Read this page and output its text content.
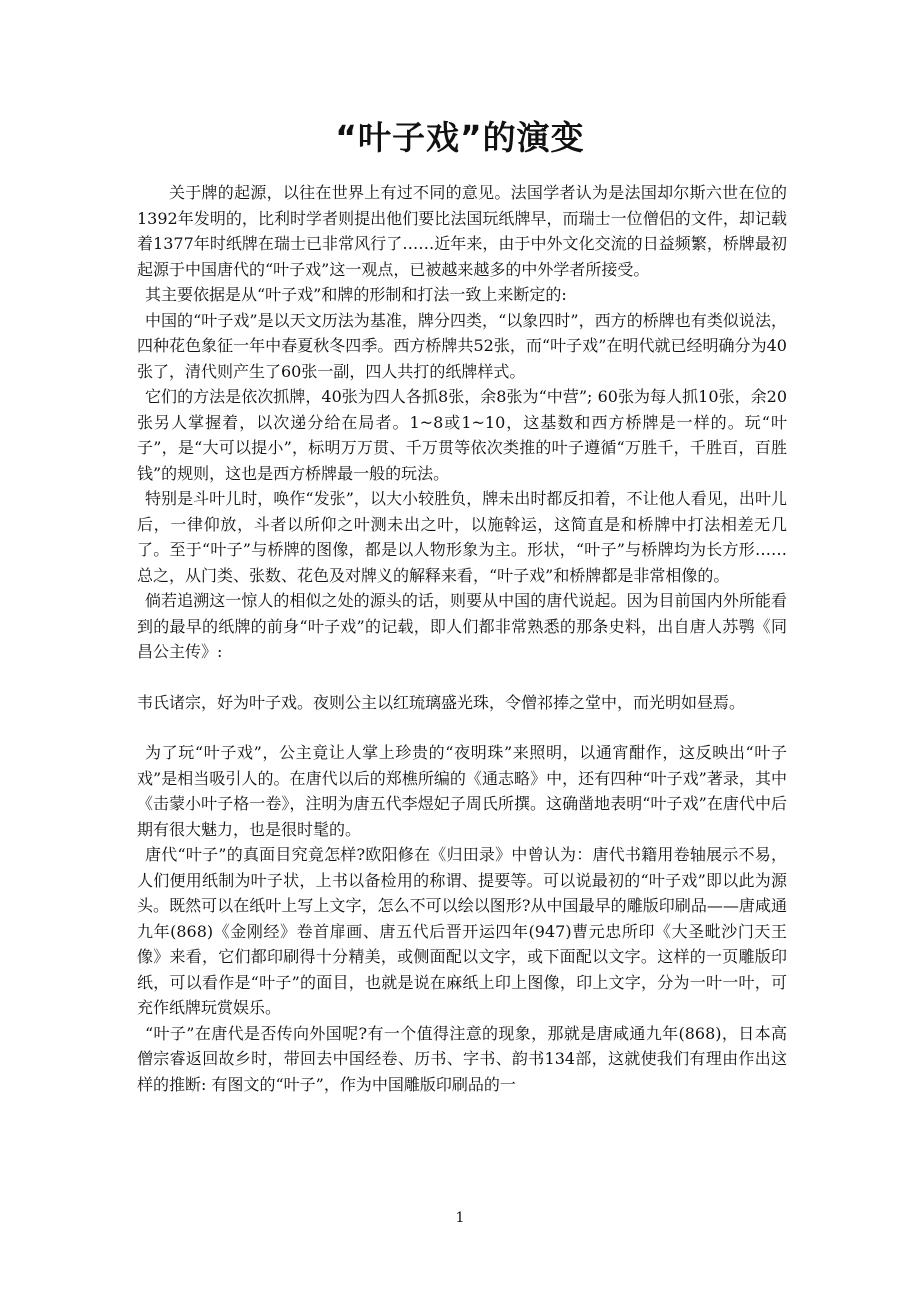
“叶子戏”的演变

关于牌的起源，以往在世界上有过不同的意见。法国学者认为是法国却尔斯六世在位的1392年发明的，比利时学者则提出他们要比法国玩纸牌早，而瑞士一位僧侣的文件，却记载着1377年时纸牌在瑞士已非常风行了……近年来，由于中外文化交流的日益频繁，桥牌最初起源于中国唐代的“叶子戏”这一观点，已被越来越多的中外学者所接受。

其主要依据是从“叶子戏”和牌的形制和打法一致上来断定的:

中国的“叶子戏”是以天文历法为基准，牌分四类，“以象四时”，西方的桥牌也有类似说法，四种花色象征一年中春夏秋冬四季。西方桥牌共52张，而“叶子戏”在明代就已经明确分为40张了，清代则产生了60张一副，四人共打的纸牌样式。

它们的方法是依次抓牌，40张为四人各抓8张，余8张为“中营”; 60张为每人抓10张，余20张另人掌握着，以次递分给在局者。1~8或1~10，这基数和西方桥牌是一样的。玩“叶子”，是“大可以提小”，标明万万贯、千万贯等依次类推的叶子遵循“万胜千，千胜百，百胜钱”的规则，这也是西方桥牌最一般的玩法。

特别是斗叶儿时，唤作“发张”，以大小较胜负，牌未出时都反扣着，不让他人看见，出叶儿后，一律仰放，斗者以所仰之叶测未出之叶，以施斡运，这简直是和桥牌中打法相差无几了。至于“叶子”与桥牌的图像，都是以人物形象为主。形状，“叶子”与桥牌均为长方形……总之，从门类、张数、花色及对牌义的解释来看，“叶子戏”和桥牌都是非常相像的。

倘若追溯这一惊人的相似之处的源头的话，则要从中国的唐代说起。因为目前国内外所能看到的最早的纸牌的前身“叶子戏”的记载，即人们都非常熟悉的那条史料，出自唐人苏鹗《同昌公主传》:

韦氏诸宗，好为叶子戏。夜则公主以红琉璃盛光珠，令僧祁捧之堂中，而光明如昼焉。

为了玩“叶子戏”，公主竟让人掌上珍贵的“夜明珠”来照明，以通宵酣作，这反映出“叶子戏”是相当吸引人的。在唐代以后的郑樵所编的《通志略》中，还有四种“叶子戏”著录，其中《击蒙小叶子格一卷》，注明为唐五代李煜妃子周氏所撰。这确凿地表明“叶子戏”在唐代中后期有很大魅力，也是很时髦的。

唐代“叶子”的真面目究竟怎样?欧阳修在《归田录》中曾认为：唐代书籍用卷轴展示不易，人们便用纸制为叶子状，上书以备检用的称谓、提要等。可以说最初的“叶子戏”即以此为源头。既然可以在纸叶上写上文字，怎么不可以绘以图形?从中国最早的雕版印刷品——唐咸通九年(868)《金刚经》卷首扉画、唐五代后晋开运四年(947)曹元忠所印《大圣毗沙门天王像》来看，它们都印刷得十分精美，或侧面配以文字，或下面配以文字。这样的一页雕版印纸，可以看作是“叶子”的面目，也就是说在麻纸上印上图像，印上文字，分为一叶一叶，可充作纸牌玩赏娱乐。

“叶子”在唐代是否传向外国呢?有一个值得注意的现象，那就是唐咸通九年(868)，日本高僧宗睿返回故乡时，带回去中国经卷、历书、字书、韵书134部，这就使我们有理由作出这样的推断: 有图文的“叶子”，作为中国雕版印刷品的一

1
